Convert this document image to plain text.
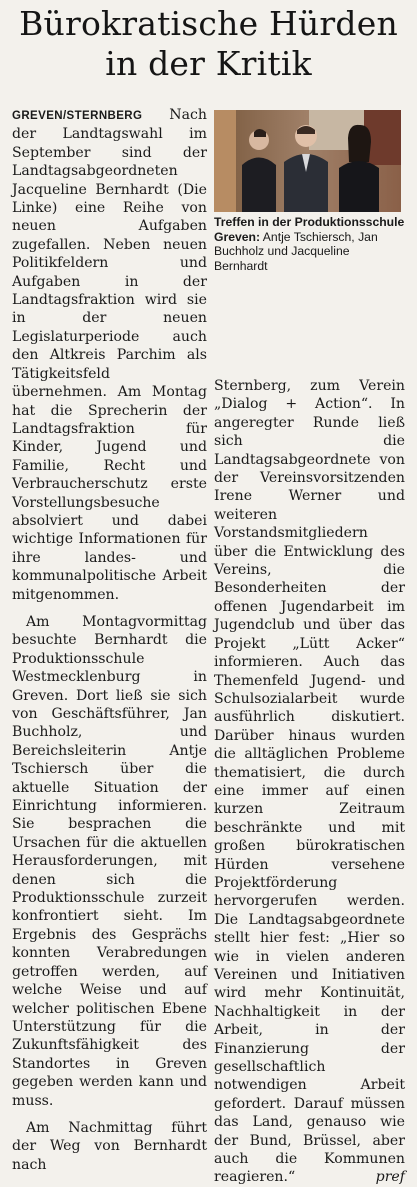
Bürokratische Hürden
in der Kritik

GREVEN/STERNBERG Nach der Landtagswahl im September sind der Landtagsabgeordneten Jacqueline Bernhardt (Die Linke) eine Reihe von neuen Aufgaben zugefallen. Neben neuen Politikfeldern und Aufgaben in der Landtagsfraktion wird sie in der neuen Legislaturperiode auch den Altkreis Parchim als Tätigkeitsfeld übernehmen. Am Montag hat die Sprecherin der Landtagsfraktion für Kinder, Jugend und Familie, Recht und Verbraucherschutz erste Vorstellungsbesuche absolviert und dabei wichtige Informationen für ihre landes- und kommunalpolitische Arbeit mitgenommen.

Am Montagvormittag besuchte Bernhardt die Produktionsschule Westmecklenburg in Greven. Dort ließ sie sich von Geschäftsführer, Jan Buchholz, und Bereichsleiterin Antje Tschiersch über die aktuelle Situation der Einrichtung informieren. Sie besprachen die Ursachen für die aktuellen Herausforderungen, mit denen sich die Produktionsschule zurzeit konfrontiert sieht. Im Ergebnis des Gesprächs konnten Verabredungen getroffen werden, auf welche Weise und auf welcher politischen Ebene Unterstützung für die Zukunftsfähigkeit des Standortes in Greven gegeben werden kann und muss.

Am Nachmittag führt der Weg von Bernhardt nach

Treffen in der Produktionsschule Greven: Antje Tschiersch, Jan Buchholz und Jacqueline Bernhardt

Sternberg, zum Verein „Dialog + Action“. In angeregter Runde ließ sich die Landtagsabgeordnete von der Vereinsvorsitzenden Irene Werner und weiteren Vorstandsmitgliedern über die Entwicklung des Vereins, die Besonderheiten der offenen Jugendarbeit im Jugendclub und über das Projekt „Lütt Acker“ informieren. Auch das Themenfeld Jugend- und Schulsozialarbeit wurde ausführlich diskutiert. Darüber hinaus wurden die alltäglichen Probleme thematisiert, die durch eine immer auf einen kurzen Zeitraum beschränkte und mit großen bürokratischen Hürden versehene Projektförderung hervorgerufen werden. Die Landtagsabgeordnete stellt hier fest: „Hier so wie in vielen anderen Vereinen und Initiativen wird mehr Kontinuität, Nachhaltigkeit in der Arbeit, in der Finanzierung der gesellschaftlich notwendigen Arbeit gefordert. Darauf müssen das Land, genauso wie der Bund, Brüssel, aber auch die Kommunen reagieren.“	pref
